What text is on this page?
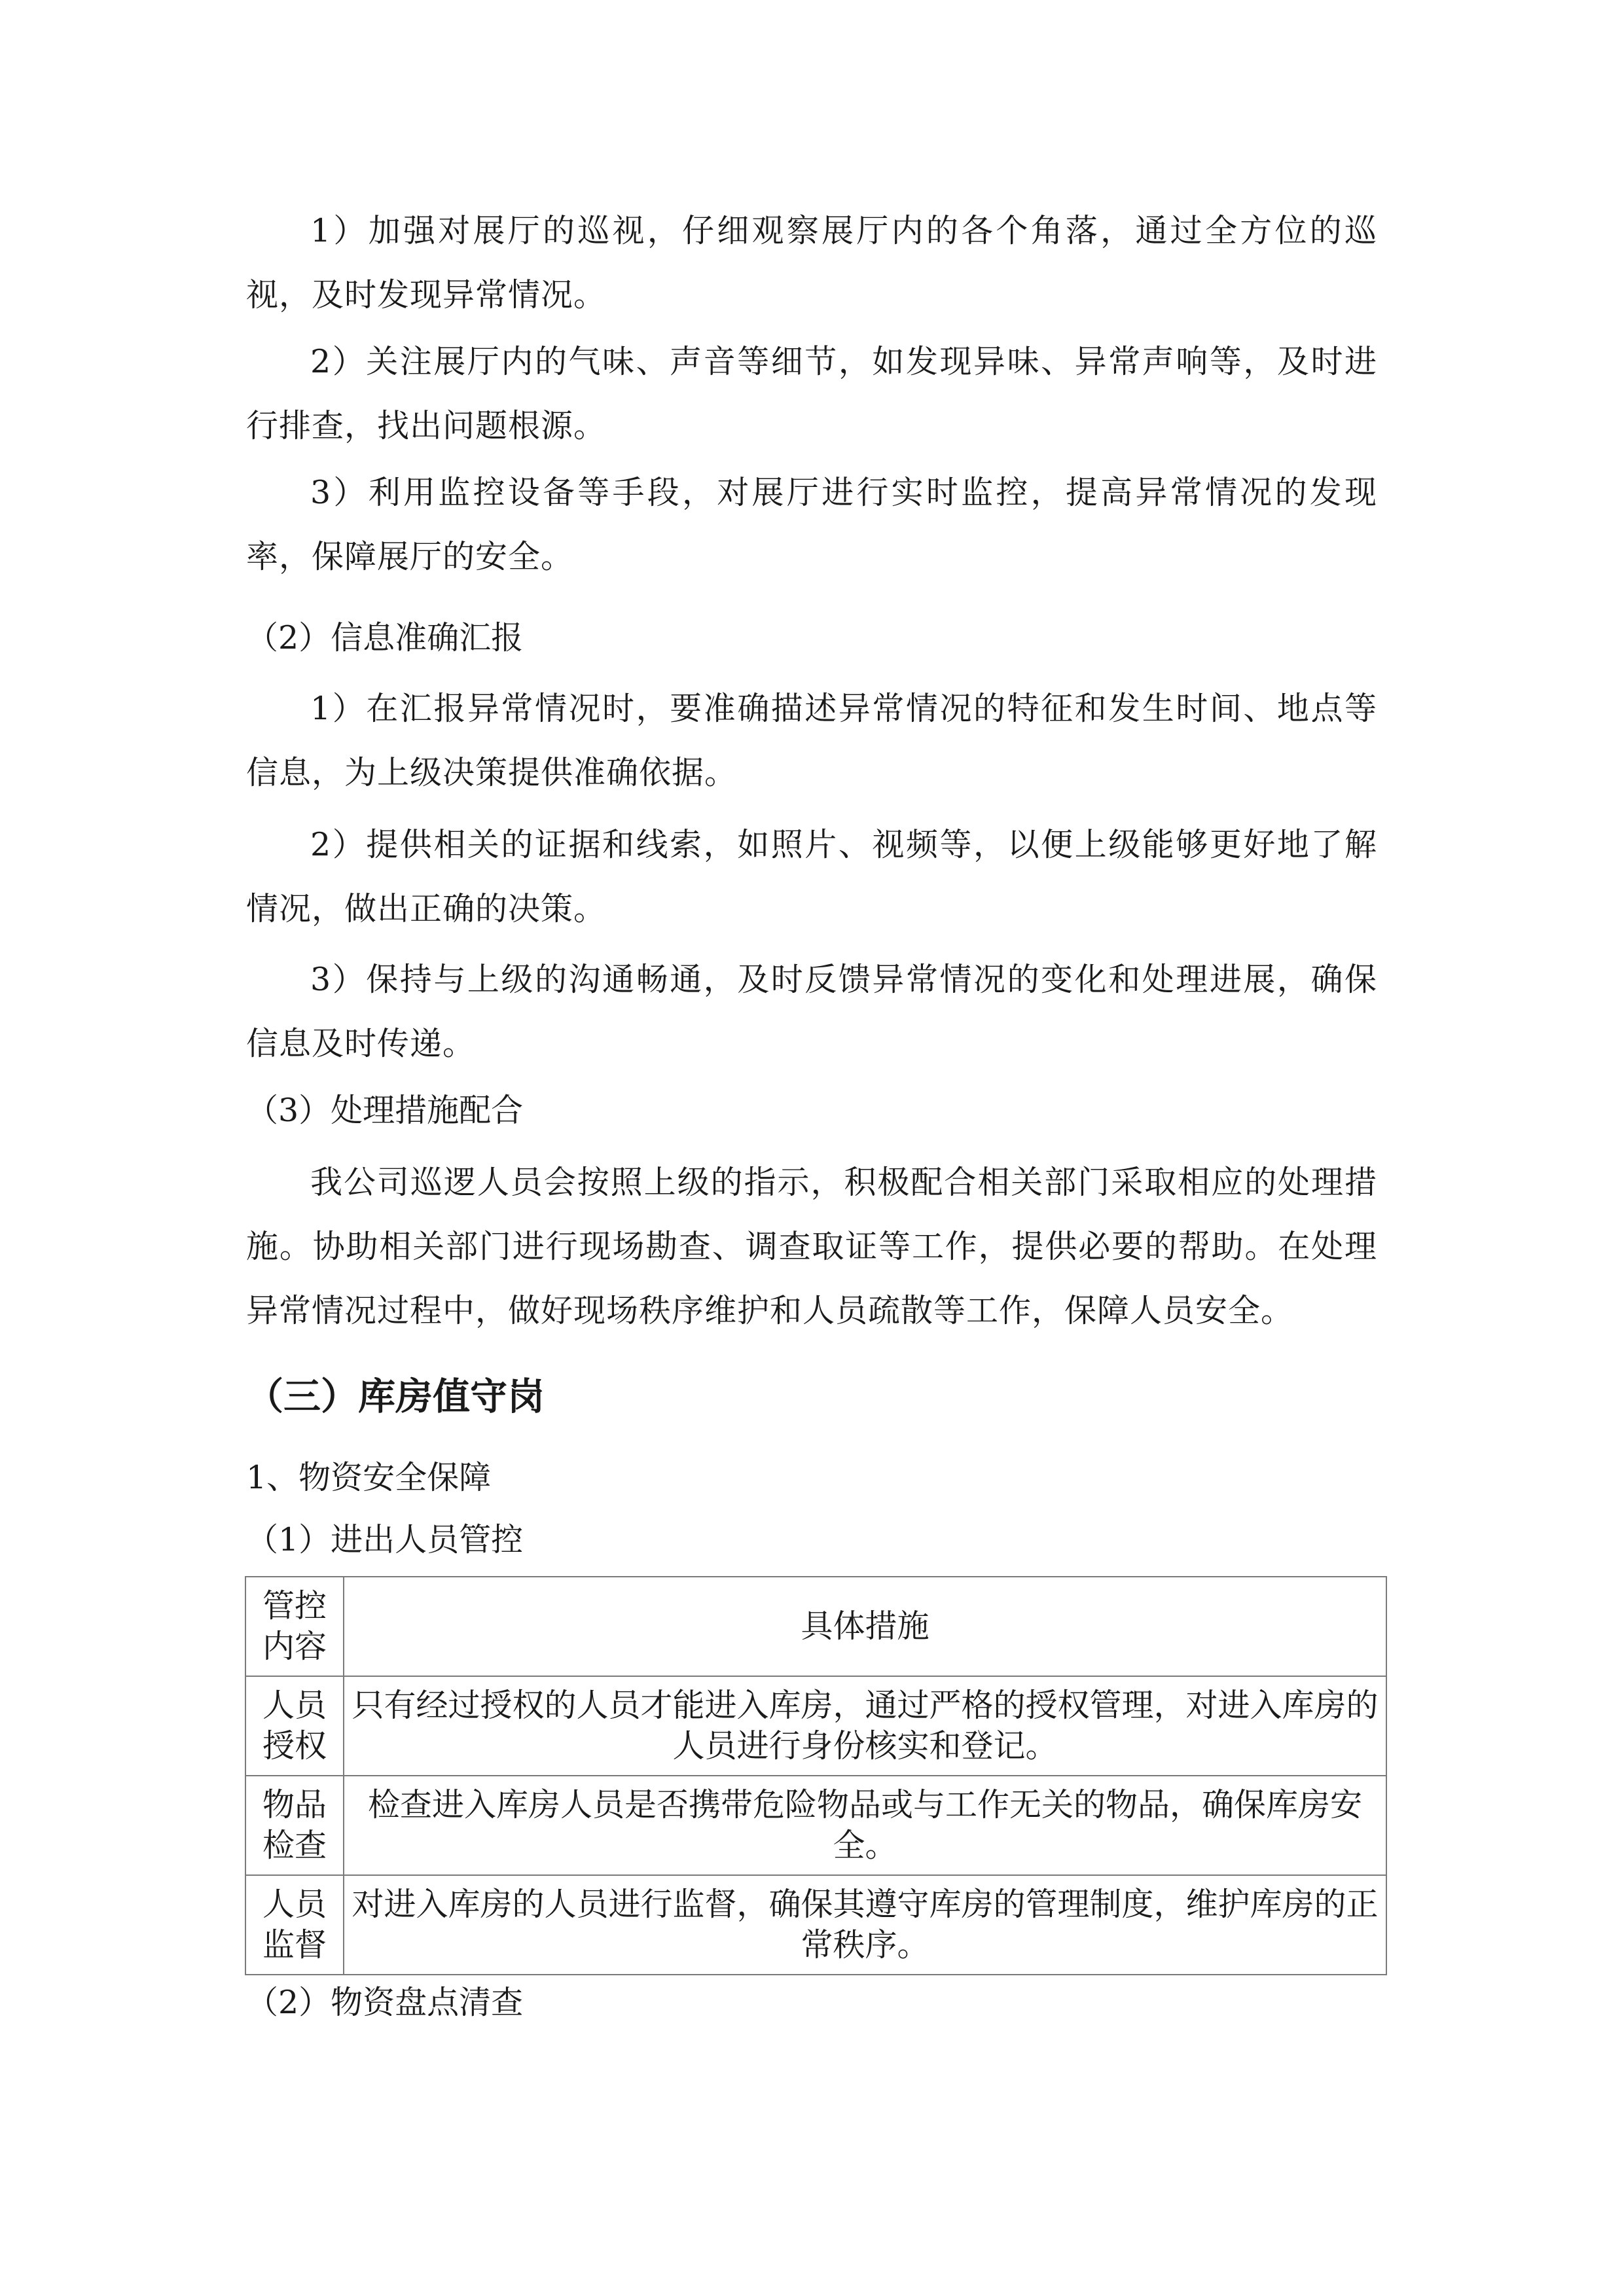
1）加强对展厅的巡视，仔细观察展厅内的各个角落，通过全方位的巡视，及时发现异常情况。

2）关注展厅内的气味、声音等细节，如发现异味、异常声响等，及时进行排查，找出问题根源。

3）利用监控设备等手段，对展厅进行实时监控，提高异常情况的发现率，保障展厅的安全。

（2）信息准确汇报

1）在汇报异常情况时，要准确描述异常情况的特征和发生时间、地点等信息，为上级决策提供准确依据。

2）提供相关的证据和线索，如照片、视频等，以便上级能够更好地了解情况，做出正确的决策。

3）保持与上级的沟通畅通，及时反馈异常情况的变化和处理进展，确保信息及时传递。

（3）处理措施配合

我公司巡逻人员会按照上级的指示，积极配合相关部门采取相应的处理措施。协助相关部门进行现场勘查、调查取证等工作，提供必要的帮助。在处理异常情况过程中，做好现场秩序维护和人员疏散等工作，保障人员安全。

（三）库房值守岗

1、物资安全保障

（1）进出人员管控

管控内容	具体措施
人员授权	只有经过授权的人员才能进入库房，通过严格的授权管理，对进入库房的人员进行身份核实和登记。
物品检查	检查进入库房人员是否携带危险物品或与工作无关的物品，确保库房安全。
人员监督	对进入库房的人员进行监督，确保其遵守库房的管理制度，维护库房的正常秩序。

（2）物资盘点清查
